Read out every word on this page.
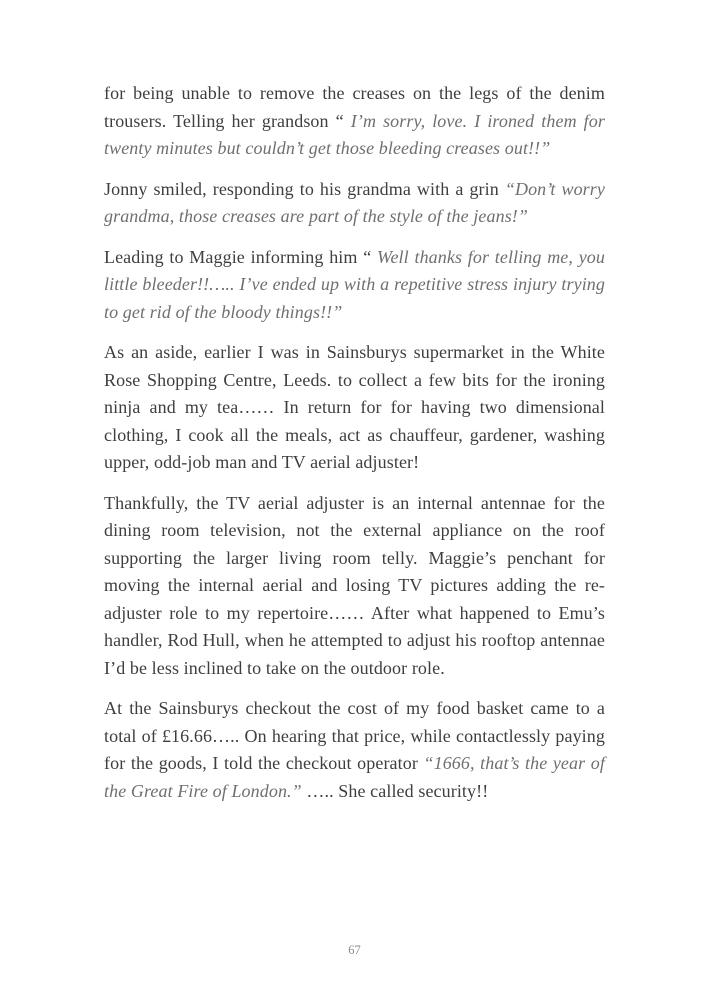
for being unable to remove the creases on the legs of the denim trousers. Telling her grandson “ I’m sorry, love. I ironed them for twenty minutes but couldn’t get those bleeding creases out!!”

Jonny smiled, responding to his grandma with a grin “Don’t worry grandma, those creases are part of the style of the jeans!”

Leading to Maggie informing him “ Well thanks for telling me, you little bleeder!!….. I’ve ended up with a repetitive stress injury trying to get rid of the bloody things!!”

As an aside, earlier I was in Sainsburys supermarket in the White Rose Shopping Centre, Leeds. to collect a few bits for the ironing ninja and my tea…… In return for for having two dimensional clothing, I cook all the meals, act as chauffeur, gardener, washing upper, odd-job man and TV aerial adjuster!

Thankfully, the TV aerial adjuster is an internal antennae for the dining room television, not the external appliance on the roof supporting the larger living room telly. Maggie’s penchant for moving the internal aerial and losing TV pictures adding the re-adjuster role to my repertoire…… After what happened to Emu’s handler, Rod Hull, when he attempted to adjust his rooftop antennae I’d be less inclined to take on the outdoor role.

At the Sainsburys checkout the cost of my food basket came to a total of £16.66….. On hearing that price, while contactlessly paying for the goods, I told the checkout operator “1666, that’s the year of the Great Fire of London.” ….. She called security!!

67
